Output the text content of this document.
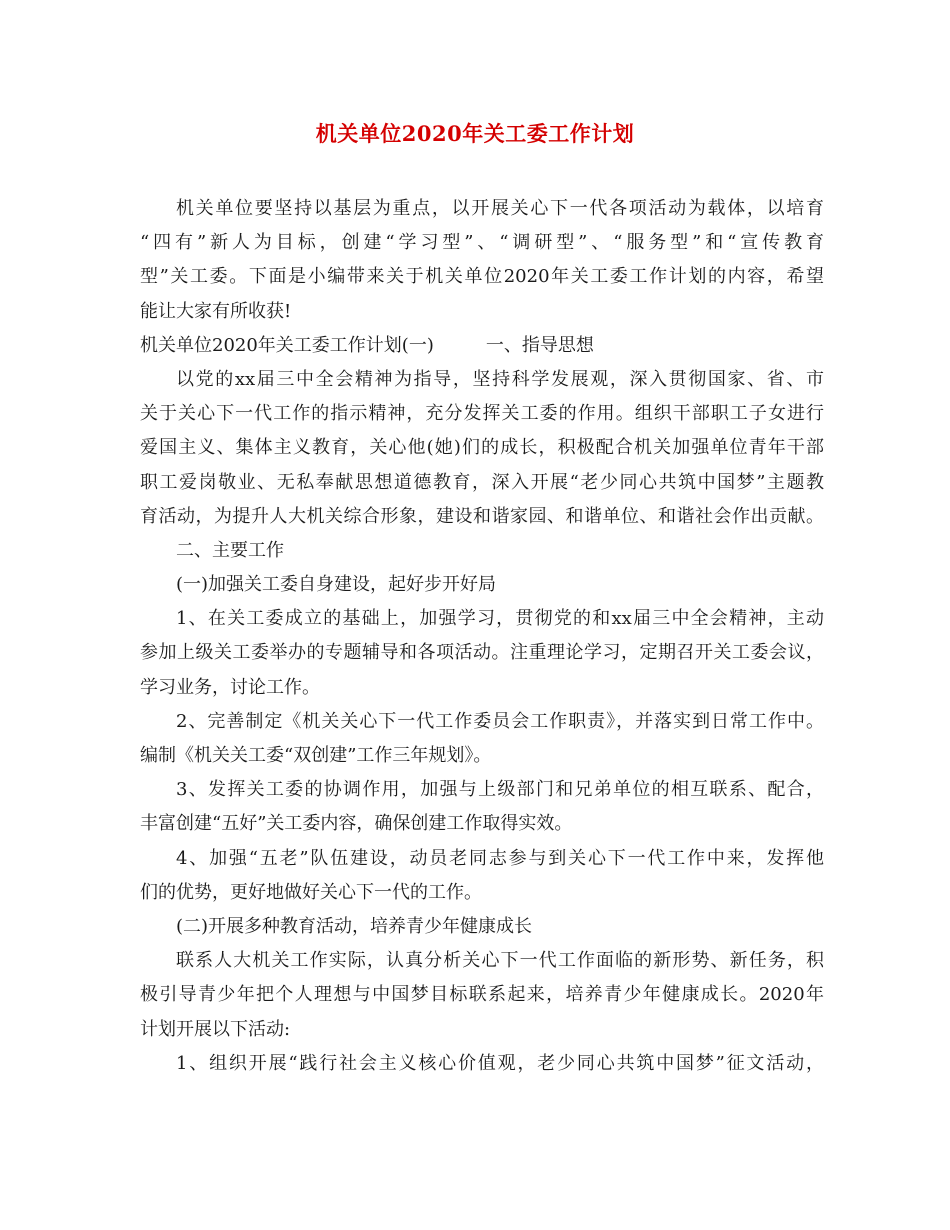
机关单位2020年关工委工作计划

机关单位要坚持以基层为重点，以开展关心下一代各项活动为载体，以培育

“四有”新人为目标，创建“学习型”、“调研型”、“服务型”和“宣传教育

型”关工委。下面是小编带来关于机关单位2020年关工委工作计划的内容，希望

能让大家有所收获!

机关单位2020年关工委工作计划(一)	一、指导思想

以党的xx届三中全会精神为指导，坚持科学发展观，深入贯彻国家、省、市

关于关心下一代工作的指示精神，充分发挥关工委的作用。组织干部职工子女进行

爱国主义、集体主义教育，关心他(她)们的成长，积极配合机关加强单位青年干部

职工爱岗敬业、无私奉献思想道德教育，深入开展“老少同心共筑中国梦”主题教

育活动，为提升人大机关综合形象，建设和谐家园、和谐单位、和谐社会作出贡献。

二、主要工作

(一)加强关工委自身建设，起好步开好局

1、在关工委成立的基础上，加强学习，贯彻党的和xx届三中全会精神，主动

参加上级关工委举办的专题辅导和各项活动。注重理论学习，定期召开关工委会议，

学习业务，讨论工作。

2、完善制定《机关关心下一代工作委员会工作职责》，并落实到日常工作中。

编制《机关关工委“双创建”工作三年规划》。

3、发挥关工委的协调作用，加强与上级部门和兄弟单位的相互联系、配合，

丰富创建“五好”关工委内容，确保创建工作取得实效。

4、加强“五老”队伍建设，动员老同志参与到关心下一代工作中来，发挥他

们的优势，更好地做好关心下一代的工作。

(二)开展多种教育活动，培养青少年健康成长

联系人大机关工作实际，认真分析关心下一代工作面临的新形势、新任务，积

极引导青少年把个人理想与中国梦目标联系起来，培养青少年健康成长。2020年

计划开展以下活动:

1、组织开展“践行社会主义核心价值观，老少同心共筑中国梦”征文活动，
